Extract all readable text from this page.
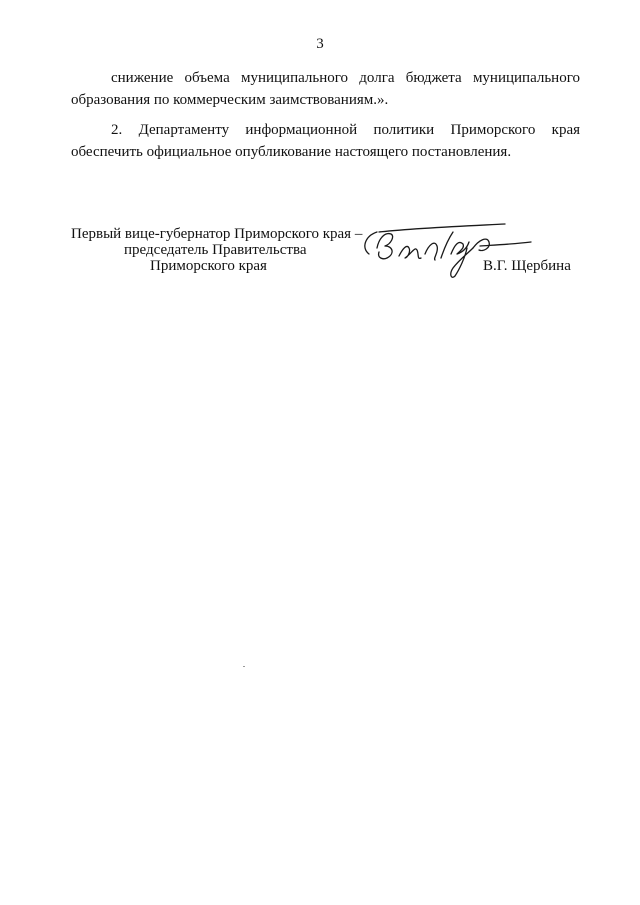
3
снижение объема муниципального долга бюджета муниципального
образования по коммерческим заимствованиям.».
2. Департаменту информационной политики Приморского края
обеспечить официальное опубликование настоящего постановления.
Первый вице-губернатор Приморского края –
председатель Правительства
Приморского края	В.Г. Щербина
